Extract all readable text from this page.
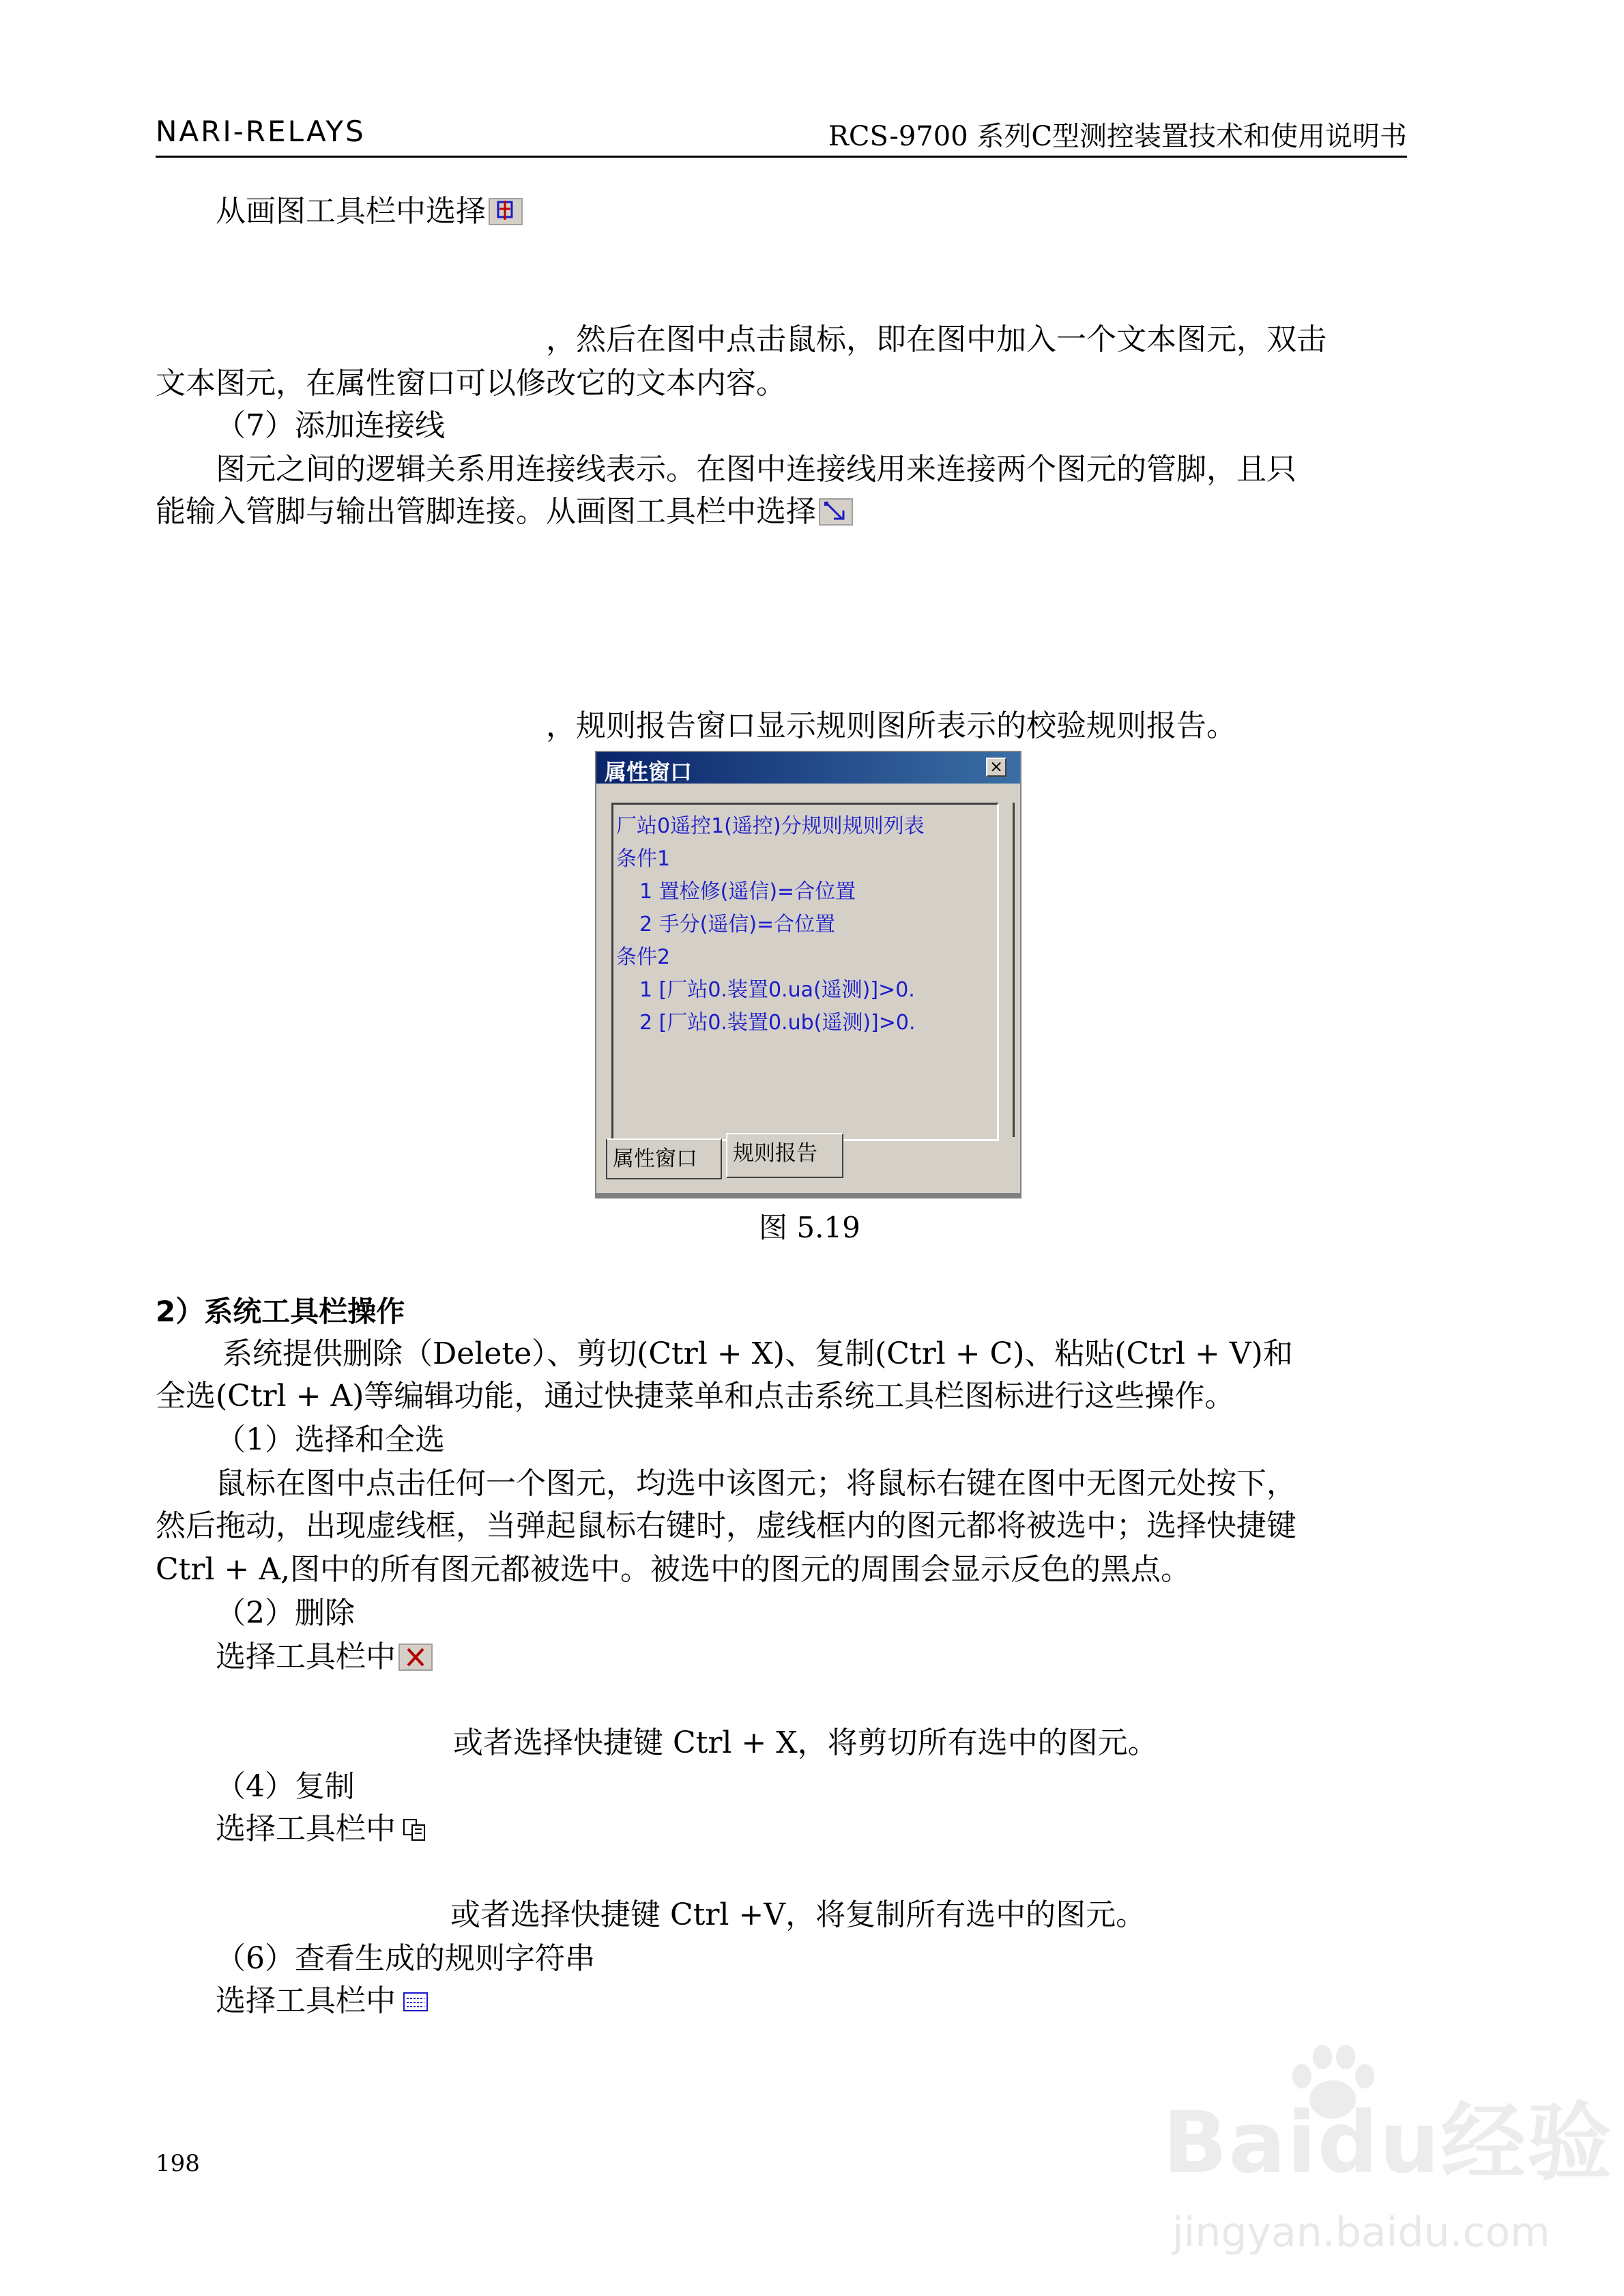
NARI-RELAYS	RCS-9700 系列C型测控装置技术和使用说明书
从画图工具栏中选择
，然后在图中点击鼠标，即在图中加入一个文本图元，双击
文本图元，在属性窗口可以修改它的文本内容。
（7）添加连接线
图元之间的逻辑关系用连接线表示。在图中连接线用来连接两个图元的管脚，且只
能输入管脚与输出管脚连接。从画图工具栏中选择
，规则报告窗口显示规则图所表示的校验规则报告。
属性窗口	×
厂站0遥控1(遥控)分规则规则列表
条件1
1 置检修(遥信)=合位置
2 手分(遥信)=合位置
条件2
1 [厂站0.装置0.ua(遥测)]>0.
2 [厂站0.装置0.ub(遥测)]>0.
属性窗口	规则报告
图 5.19
2）系统工具栏操作
系统提供删除（Delete）、剪切(Ctrl + X)、复制(Ctrl + C)、粘贴(Ctrl + V)和
全选(Ctrl + A)等编辑功能，通过快捷菜单和点击系统工具栏图标进行这些操作。
（1）选择和全选
鼠标在图中点击任何一个图元，均选中该图元；将鼠标右键在图中无图元处按下，
然后拖动，出现虚线框，当弹起鼠标右键时，虚线框内的图元都将被选中；选择快捷键
Ctrl + A,图中的所有图元都被选中。被选中的图元的周围会显示反色的黑点。
（2）删除
选择工具栏中
或者选择快捷键 Ctrl + X，将剪切所有选中的图元。
（4）复制
选择工具栏中
或者选择快捷键 Ctrl +V，将复制所有选中的图元。
（6）查看生成的规则字符串
选择工具栏中
198	Baidu经验
jingyan.baidu.com
